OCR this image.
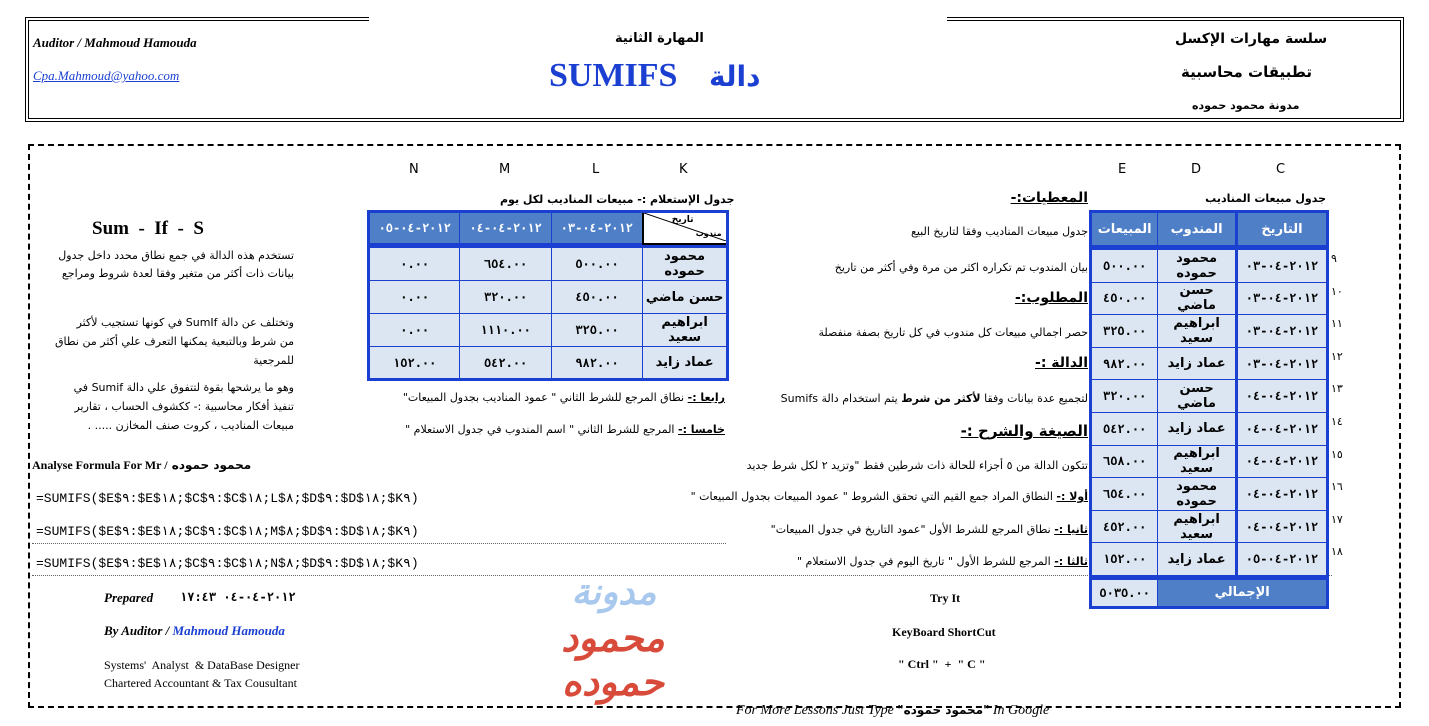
Auditor / Mahmoud Hamouda
Cpa.Mahmoud@yahoo.com
المهارة الثانية
SUMIFS دالة
سلسة مهارات الإكسل
تطبيقات محاسبية
مدونة محمود حموده
N	M	L	K	E	D	C
Sum  -  If  -  S
تستخدم هذه الدالة في جمع نطاق محدد داخل جدول
بيانات ذات أكثر من متغير وفقا لعدة شروط ومراجع
وتختلف عن دالة SumIf في كونها تستجيب لأكثر
من شرط وبالتبعية يمكنها التعرف علي أكثر من نطاق
للمرجعية
وهو ما يرشحها بقوة لتتفوق علي دالة Sumif في
تنفيذ أفكار محاسبية :- ككشوف الحساب ، تقارير
مبيعات المناديب ، كروت صنف المخازن ..... .
Analyse Formula For Mr / محمود حموده
=SUMIFS($E$٩:$E$١٨;$C$٩:$C$١٨;L$٨;$D$٩:$D$١٨;$K٩)
=SUMIFS($E$٩:$E$١٨;$C$٩:$C$١٨;M$٨;$D$٩:$D$١٨;$K٩)
=SUMIFS($E$٩:$E$١٨;$C$٩:$C$١٨;N$٨;$D$٩:$D$١٨;$K٩)
جدول الإستعلام :- مبيعات المناديب لكل يوم
٢٠١٢-٠٤-٠٥	٢٠١٢-٠٤-٠٤	٢٠١٢-٠٤-٠٣	تاريخ
مندوب

٠.٠٠	٦٥٤.٠٠	٥٠٠.٠٠	محمود حموده
٠.٠٠	٣٢٠.٠٠	٤٥٠.٠٠	حسن ماضي
٠.٠٠	١١١٠.٠٠	٣٢٥.٠٠	ابراهيم سعيد
١٥٢.٠٠	٥٤٢.٠٠	٩٨٢.٠٠	عماد زايد
رابعا :- نطاق المرجع للشرط الثاني " عمود المناديب بجدول المبيعات"
خامسا :- المرجع للشرط الثاني " اسم المندوب في جدول الاستعلام "
المعطيات:-
جدول مبيعات المناديب وفقا لتاريخ البيع
بيان المندوب تم تكراره اكثر من مرة وفي أكثر من تاريخ
المطلوب:-
حصر اجمالي مبيعات كل مندوب في كل تاريخ بصفة منفصلة
الدالة :-
لتجميع عدة بيانات وفقا لأكثر من شرط يتم استخدام دالة Sumifs
الصيغة والشرح :-
تتكون الدالة من ٥ أجزاء للحالة ذات شرطين فقط "وتزيد ٢ لكل شرط جديد
أولا :- النطاق المراد جمع القيم التي تحقق الشروط " عمود المبيعات بجدول المبيعات "
ثانيا :- نطاق المرجع للشرط الأول "عمود التاريخ في جدول المبيعات"
ثالثا :- المرجع للشرط الأول " تاريخ اليوم في جدول الاستعلام "
جدول مبيعات المناديب
المبيعات	المندوب	التاريخ

٥٠٠.٠٠	محمود حموده	٢٠١٢-٠٤-٠٣
٤٥٠.٠٠	حسن ماضي	٢٠١٢-٠٤-٠٣
٣٢٥.٠٠	ابراهيم سعيد	٢٠١٢-٠٤-٠٣
٩٨٢.٠٠	عماد زايد	٢٠١٢-٠٤-٠٣
٣٢٠.٠٠	حسن ماضي	٢٠١٢-٠٤-٠٤
٥٤٢.٠٠	عماد زايد	٢٠١٢-٠٤-٠٤
٦٥٨.٠٠	ابراهيم سعيد	٢٠١٢-٠٤-٠٤
٦٥٤.٠٠	محمود حموده	٢٠١٢-٠٤-٠٤
٤٥٢.٠٠	ابراهيم سعيد	٢٠١٢-٠٤-٠٤
١٥٢.٠٠	عماد زايد	٢٠١٢-٠٤-٠٥

٥٠٣٥.٠٠	الإجمالي	
٩
١٠
١١
١٢
١٣
١٤
١٥
١٦
١٧
١٨
Prepared ٢٠١٢-٠٤-٠٤ ١٧:٤٣
By Auditor / Mahmoud Hamouda
Systems'  Analyst  & DataBase Designer
Chartered Accountant & Tax Cousultant
مدونة
محمود حموده
Try It
KeyBoard ShortCut
" Ctrl "  +  " C "

For More Lessons Just Type "محمود حموده" In Google
